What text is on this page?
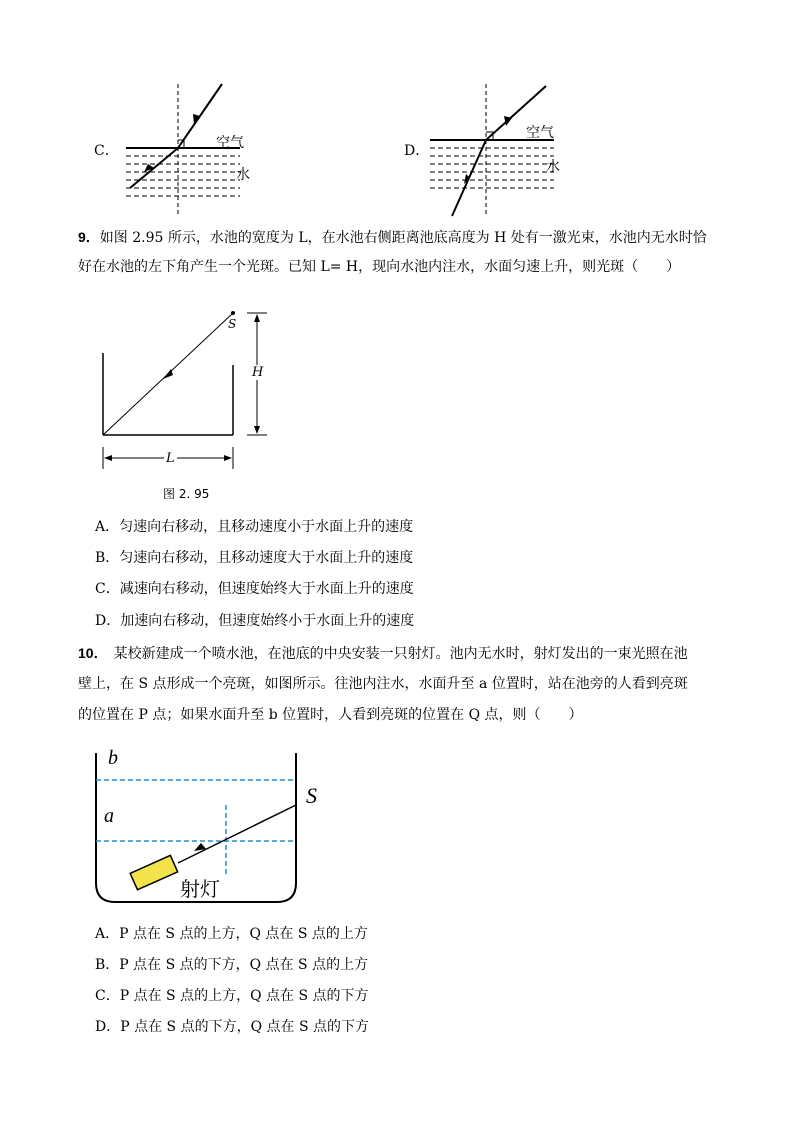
C．
空气
水
D．
空气
水
9．如图 2.95 所示，水池的宽度为 L，在水池右侧距离池底高度为 H 处有一激光束，水池内无水时恰
好在水池的左下角产生一个光斑。已知 L= H，现向水池内注水，水面匀速上升，则光斑（　　）
S
H
L
图 2. 95
A．匀速向右移动，且移动速度小于水面上升的速度
B．匀速向右移动，且移动速度大于水面上升的速度
C．减速向右移动，但速度始终大于水面上升的速度
D．加速向右移动，但速度始终小于水面上升的速度
10． 某校新建成一个喷水池，在池底的中央安装一只射灯。池内无水时，射灯发出的一束光照在池
壁上，在 S 点形成一个亮斑，如图所示。往池内注水，水面升至 a 位置时，站在池旁的人看到亮斑
的位置在 P 点；如果水面升至 b 位置时，人看到亮斑的位置在 Q 点，则（　　）
b
a
S
射灯
A．P 点在 S 点的上方，Q 点在 S 点的上方
B．P 点在 S 点的下方，Q 点在 S 点的上方
C．P 点在 S 点的上方，Q 点在 S 点的下方
D．P 点在 S 点的下方，Q 点在 S 点的下方
